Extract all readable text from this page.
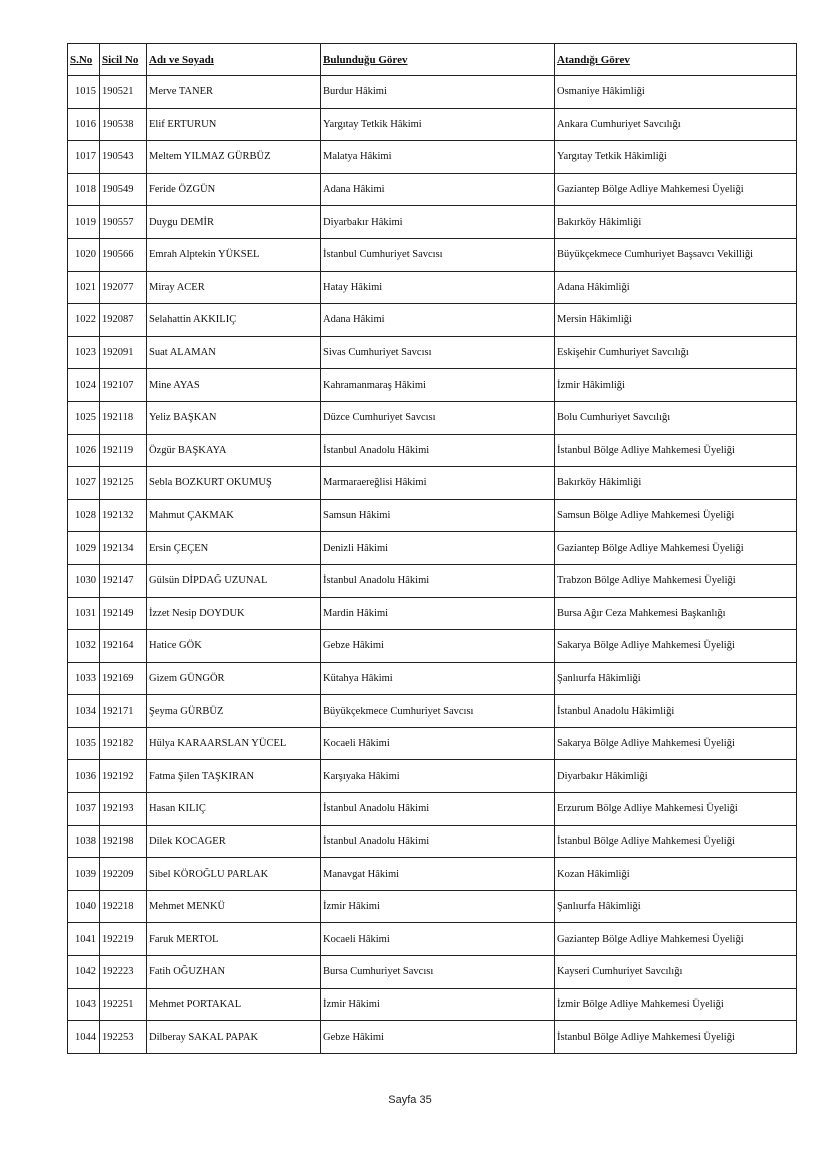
S.No	Sicil No	Adı ve Soyadı	Bulunduğu Görev	Atandığı Görev
1015	190521	Merve TANER	Burdur Hâkimi	Osmaniye Hâkimliği
1016	190538	Elif ERTURUN	Yargıtay Tetkik Hâkimi	Ankara Cumhuriyet Savcılığı
1017	190543	Meltem YILMAZ GÜRBÜZ	Malatya Hâkimi	Yargıtay Tetkik Hâkimliği
1018	190549	Feride ÖZGÜN	Adana Hâkimi	Gaziantep Bölge Adliye Mahkemesi Üyeliği
1019	190557	Duygu DEMİR	Diyarbakır Hâkimi	Bakırköy Hâkimliği
1020	190566	Emrah Alptekin YÜKSEL	İstanbul Cumhuriyet Savcısı	Büyükçekmece Cumhuriyet Başsavcı Vekilliği
1021	192077	Miray ACER	Hatay Hâkimi	Adana Hâkimliği
1022	192087	Selahattin AKKILIÇ	Adana Hâkimi	Mersin Hâkimliği
1023	192091	Suat ALAMAN	Sivas Cumhuriyet Savcısı	Eskişehir Cumhuriyet Savcılığı
1024	192107	Mine AYAS	Kahramanmaraş Hâkimi	İzmir Hâkimliği
1025	192118	Yeliz BAŞKAN	Düzce Cumhuriyet Savcısı	Bolu Cumhuriyet Savcılığı
1026	192119	Özgür BAŞKAYA	İstanbul Anadolu Hâkimi	İstanbul Bölge Adliye Mahkemesi Üyeliği
1027	192125	Sebla BOZKURT OKUMUŞ	Marmaraereğlisi Hâkimi	Bakırköy Hâkimliği
1028	192132	Mahmut ÇAKMAK	Samsun Hâkimi	Samsun Bölge Adliye Mahkemesi Üyeliği
1029	192134	Ersin ÇEÇEN	Denizli Hâkimi	Gaziantep Bölge Adliye Mahkemesi Üyeliği
1030	192147	Gülsün DİPDAĞ UZUNAL	İstanbul Anadolu Hâkimi	Trabzon Bölge Adliye Mahkemesi Üyeliği
1031	192149	İzzet Nesip DOYDUK	Mardin Hâkimi	Bursa Ağır Ceza Mahkemesi Başkanlığı
1032	192164	Hatice GÖK	Gebze Hâkimi	Sakarya Bölge Adliye Mahkemesi Üyeliği
1033	192169	Gizem GÜNGÖR	Kütahya Hâkimi	Şanlıurfa Hâkimliği
1034	192171	Şeyma GÜRBÜZ	Büyükçekmece Cumhuriyet Savcısı	İstanbul Anadolu Hâkimliği
1035	192182	Hülya KARAARSLAN YÜCEL	Kocaeli Hâkimi	Sakarya Bölge Adliye Mahkemesi Üyeliği
1036	192192	Fatma Şilen TAŞKIRAN	Karşıyaka Hâkimi	Diyarbakır Hâkimliği
1037	192193	Hasan KILIÇ	İstanbul Anadolu Hâkimi	Erzurum Bölge Adliye Mahkemesi Üyeliği
1038	192198	Dilek KOCAGER	İstanbul Anadolu Hâkimi	İstanbul Bölge Adliye Mahkemesi Üyeliği
1039	192209	Sibel KÖROĞLU PARLAK	Manavgat Hâkimi	Kozan Hâkimliği
1040	192218	Mehmet MENKÜ	İzmir Hâkimi	Şanlıurfa Hâkimliği
1041	192219	Faruk MERTOL	Kocaeli Hâkimi	Gaziantep Bölge Adliye Mahkemesi Üyeliği
1042	192223	Fatih OĞUZHAN	Bursa Cumhuriyet Savcısı	Kayseri Cumhuriyet Savcılığı
1043	192251	Mehmet PORTAKAL	İzmir Hâkimi	İzmir Bölge Adliye Mahkemesi Üyeliği
1044	192253	Dilberay SAKAL PAPAK	Gebze Hâkimi	İstanbul Bölge Adliye Mahkemesi Üyeliği
Sayfa 35
